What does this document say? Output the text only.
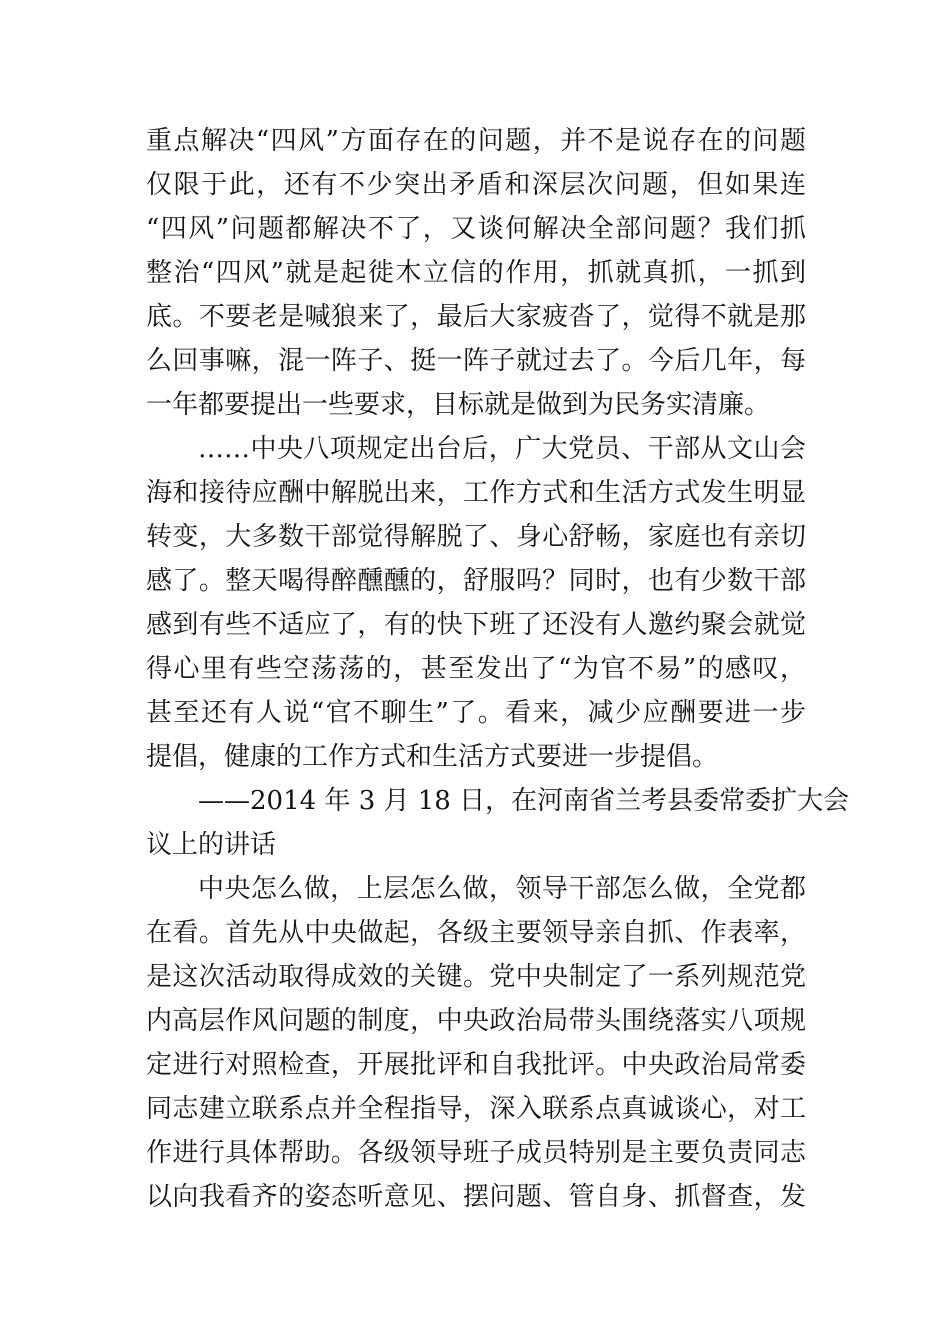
重点解决“四风”方面存在的问题，并不是说存在的问题
仅限于此，还有不少突出矛盾和深层次问题，但如果连
“四风”问题都解决不了，又谈何解决全部问题？我们抓
整治“四风”就是起徙木立信的作用，抓就真抓，一抓到
底。不要老是喊狼来了，最后大家疲沓了，觉得不就是那
么回事嘛，混一阵子、挺一阵子就过去了。今后几年，每
一年都要提出一些要求，目标就是做到为民务实清廉。
……中央八项规定出台后，广大党员、干部从文山会
海和接待应酬中解脱出来，工作方式和生活方式发生明显
转变，大多数干部觉得解脱了、身心舒畅，家庭也有亲切
感了。整天喝得醉醺醺的，舒服吗？同时，也有少数干部
感到有些不适应了，有的快下班了还没有人邀约聚会就觉
得心里有些空荡荡的，甚至发出了“为官不易”的感叹，
甚至还有人说“官不聊生”了。看来，减少应酬要进一步
提倡，健康的工作方式和生活方式要进一步提倡。
——2014 年 3 月 18 日，在河南省兰考县委常委扩大会
议上的讲话
中央怎么做，上层怎么做，领导干部怎么做，全党都
在看。首先从中央做起，各级主要领导亲自抓、作表率，
是这次活动取得成效的关键。党中央制定了一系列规范党
内高层作风问题的制度，中央政治局带头围绕落实八项规
定进行对照检查，开展批评和自我批评。中央政治局常委
同志建立联系点并全程指导，深入联系点真诚谈心，对工
作进行具体帮助。各级领导班子成员特别是主要负责同志
以向我看齐的姿态听意见、摆问题、管自身、抓督查，发
